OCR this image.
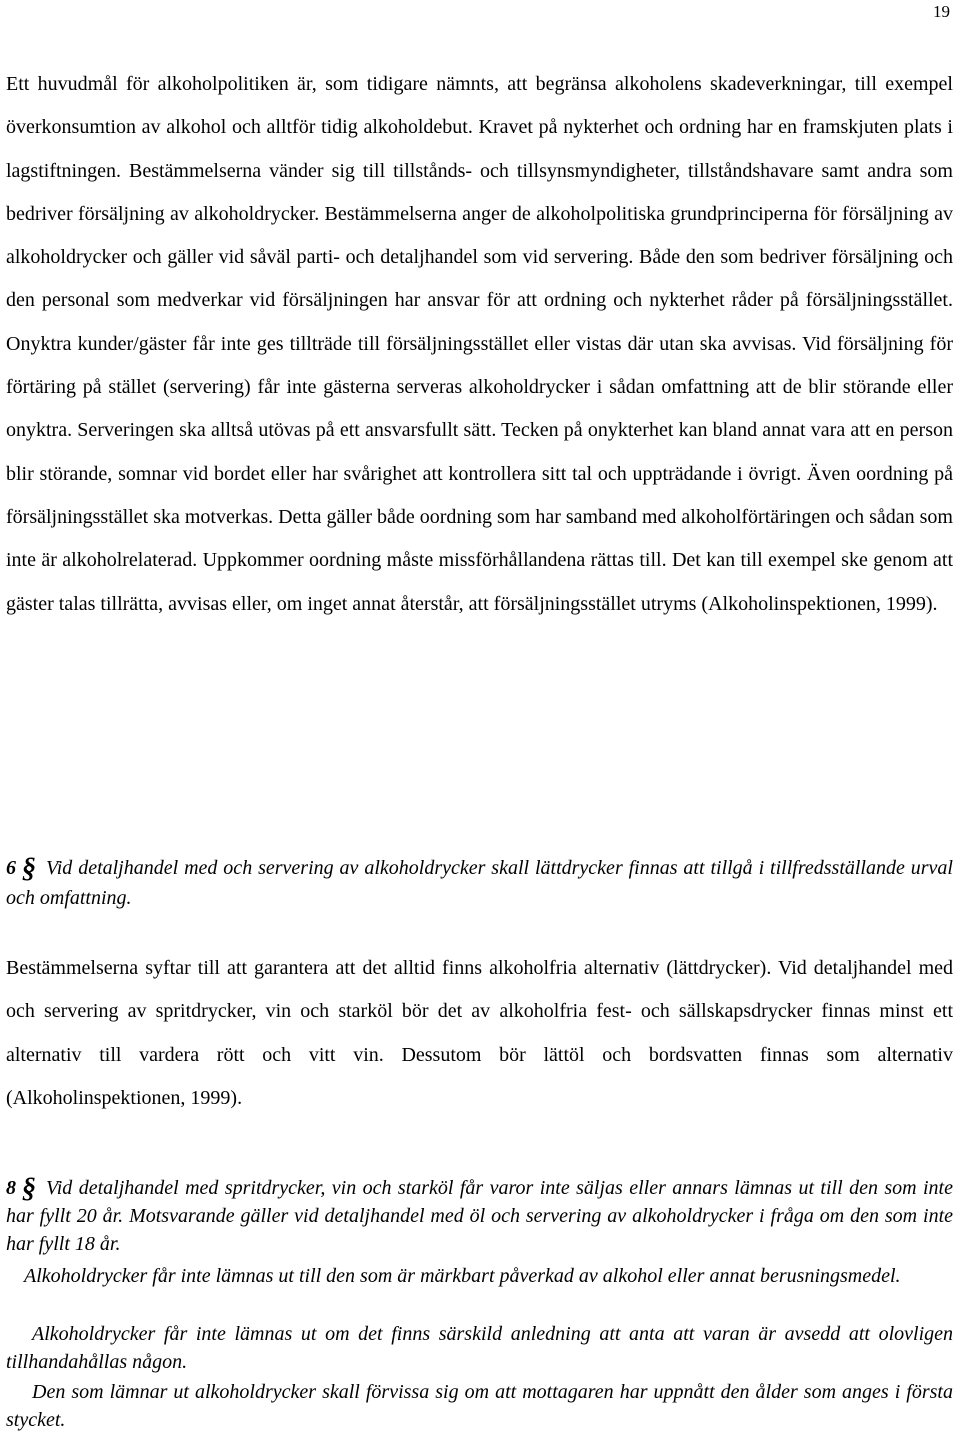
19

Ett huvudmål för alkoholpolitiken är, som tidigare nämnts, att begränsa alkoholens skadeverkningar, till exempel överkonsumtion av alkohol och alltför tidig alkoholdebut. Kravet på nykterhet och ordning har en framskjuten plats i lagstiftningen. Bestämmelserna vänder sig till tillstånds- och tillsynsmyndigheter, tillståndshavare samt andra som bedriver försäljning av alkoholdrycker. Bestämmelserna anger de alkoholpolitiska grundprinciperna för försäljning av alkoholdrycker och gäller vid såväl parti- och detaljhandel som vid servering. Både den som bedriver försäljning och den personal som medverkar vid försäljningen har ansvar för att ordning och nykterhet råder på försäljningsstället. Onyktra kunder/gäster får inte ges tillträde till försäljningsstället eller vistas där utan ska avvisas. Vid försäljning för förtäring på stället (servering) får inte gästerna serveras alkoholdrycker i sådan omfattning att de blir störande eller onyktra. Serveringen ska alltså utövas på ett ansvarsfullt sätt. Tecken på onykterhet kan bland annat vara att en person blir störande, somnar vid bordet eller har svårighet att kontrollera sitt tal och uppträdande i övrigt. Även oordning på försäljningsstället ska motverkas. Detta gäller både oordning som har samband med alkoholförtäringen och sådan som inte är alkoholrelaterad. Uppkommer oordning måste missförhållandena rättas till. Det kan till exempel ske genom att gäster talas tillrätta, avvisas eller, om inget annat återstår, att försäljningsstället utryms (Alkoholinspektionen, 1999).

6 § Vid detaljhandel med och servering av alkoholdrycker skall lättdrycker finnas att tillgå i tillfredsställande urval och omfattning.

Bestämmelserna syftar till att garantera att det alltid finns alkoholfria alternativ (lättdrycker). Vid detaljhandel med och servering av spritdrycker, vin och starköl bör det av alkoholfria fest- och sällskapsdrycker finnas minst ett alternativ till vardera rött och vitt vin. Dessutom bör lättöl och bordsvatten finnas som alternativ (Alkoholinspektionen, 1999).

8 § Vid detaljhandel med spritdrycker, vin och starköl får varor inte säljas eller annars lämnas ut till den som inte har fyllt 20 år. Motsvarande gäller vid detaljhandel med öl och servering av alkoholdrycker i fråga om den som inte har fyllt 18 år.

Alkoholdrycker får inte lämnas ut till den som är märkbart påverkad av alkohol eller annat berusningsmedel.

Alkoholdrycker får inte lämnas ut om det finns särskild anledning att anta att varan är avsedd att olovligen tillhandahållas någon.

Den som lämnar ut alkoholdrycker skall förvissa sig om att mottagaren har uppnått den ålder som anges i första stycket.
